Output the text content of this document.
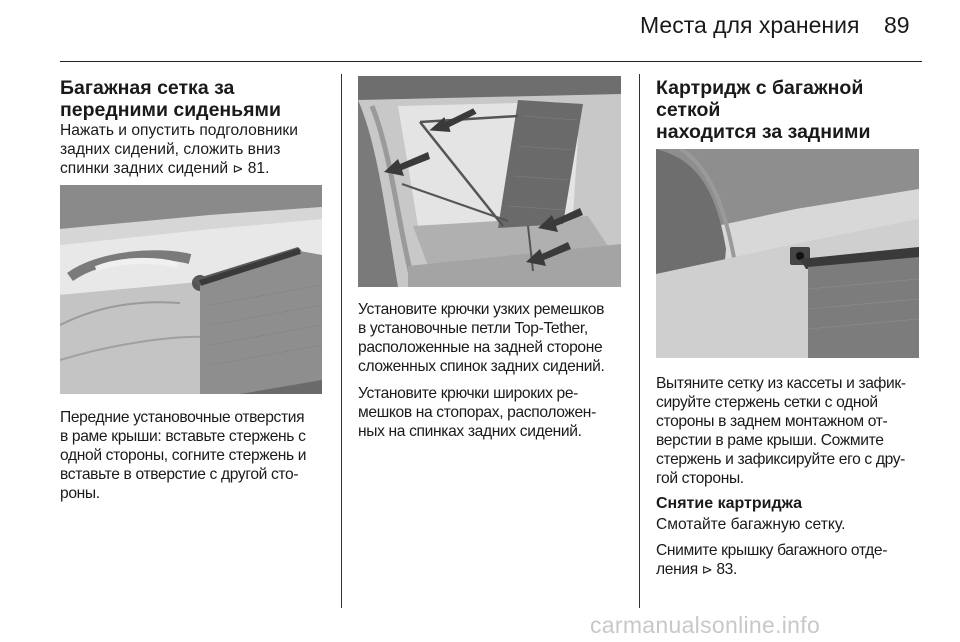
Места для хранения 89
Багажная сетка за передними сиденьями
Нажать и опустить подголовники
задних сидений, сложить вниз
спинки задних сидений ⊳ 81.
Передние установочные отверстия
в раме крыши: вставьте стержень с
одной стороны, согните стержень и
вставьте в отверстие с другой сто-
роны.
Установите крючки узких ремешков
в установочные петли Top-Tether,
расположенные на задней стороне
сложенных спинок задних сидений.
Установите крючки широких ре-
мешков на стопорах, расположен-
ных на спинках задних сидений.
Картридж с багажной сеткой
находится за задними
Вытяните сетку из кассеты и зафик-
сируйте стержень сетки с одной
стороны в заднем монтажном от-
верстии в раме крыши. Сожмите
стержень и зафиксируйте его с дру-
гой стороны.
Снятие картриджа
Смотайте багажную сетку.
Снимите крышку багажного отде-
ления ⊳ 83.
carmanualsonline.info
